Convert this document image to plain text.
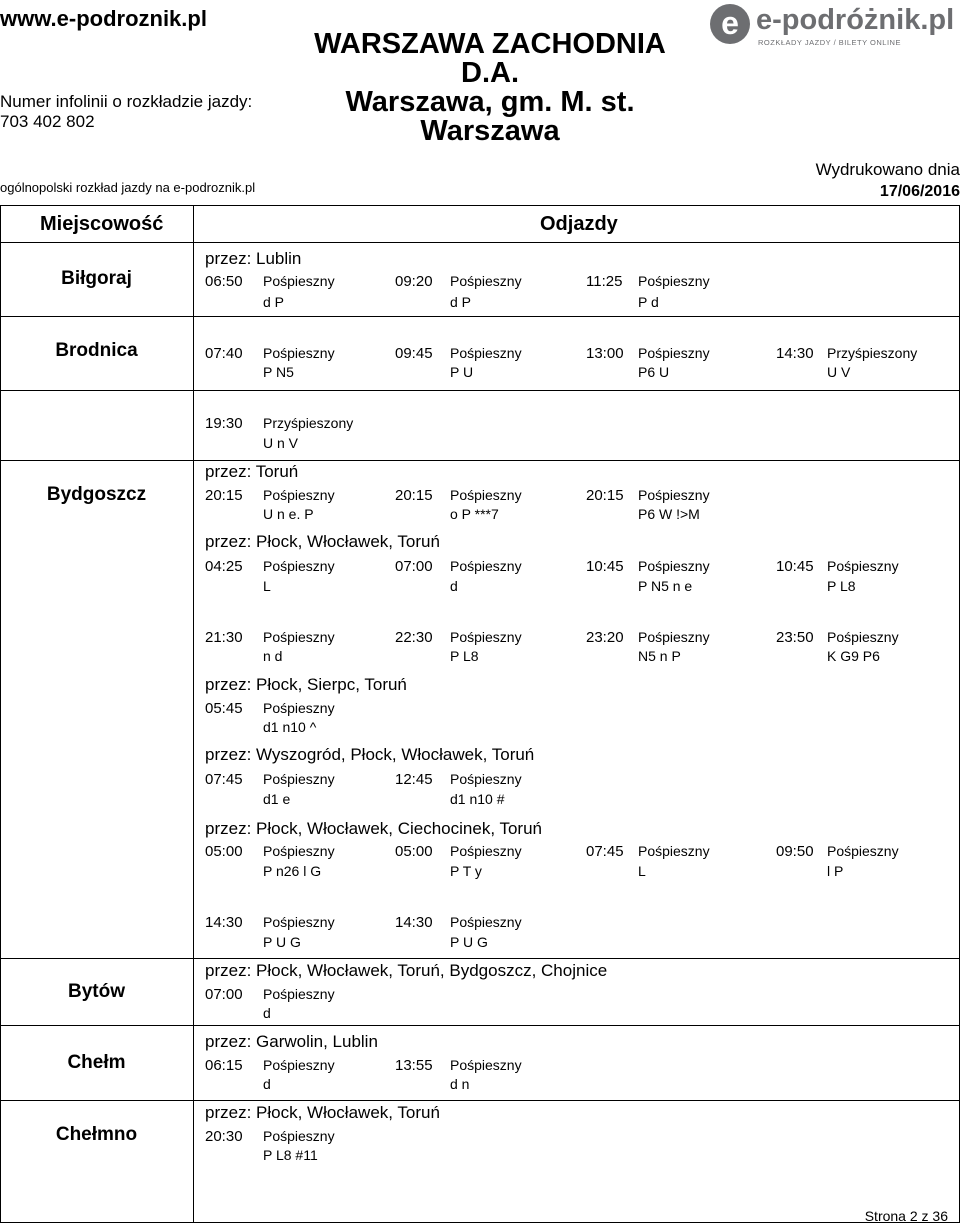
www.e-podroznik.pl
Numer infolinii o rozkładzie jazdy:
703 402 802
ogólnopolski rozkład jazdy na e-podroznik.pl
WARSZAWA ZACHODNIA
D.A.
Warszawa, gm. M. st.
Warszawa
e e-podróżnik.pl
ROZKŁADY JAZDY / BILETY ONLINE
Wydrukowano dnia
17/06/2016
Miejscowość	Odjazdy
Biłgoraj
Brodnica
Bydgoszcz
Bytów
Chełm
Chełmno
przez: Lublin
przez: Toruń
przez: Płock, Włocławek, Toruń
przez: Płock, Sierpc, Toruń
przez: Wyszogród, Płock, Włocławek, Toruń
przez: Płock, Włocławek, Ciechocinek, Toruń
przez: Płock, Włocławek, Toruń, Bydgoszcz, Chojnice
przez: Garwolin, Lublin
przez: Płock, Włocławek, Toruń
06:50 Pośpieszny
d P
09:20 Pośpieszny
d P
11:25 Pośpieszny
P d
07:40 Pośpieszny
P N5
09:45 Pośpieszny
P U
13:00 Pośpieszny
P6 U
14:30 Przyśpieszony
U V
19:30 Przyśpieszony
U n V
20:15 Pośpieszny
U n e. P
20:15 Pośpieszny
o P ***7
20:15 Pośpieszny
P6 W !>M
04:25 Pośpieszny
L
07:00 Pośpieszny
d
10:45 Pośpieszny
P N5 n e
10:45 Pośpieszny
P L8
21:30 Pośpieszny
n d
22:30 Pośpieszny
P L8
23:20 Pośpieszny
N5 n P
23:50 Pośpieszny
K G9 P6
05:45 Pośpieszny
d1 n10 ^
07:45 Pośpieszny
d1 e
12:45 Pośpieszny
d1 n10 #
05:00 Pośpieszny
P n26 l G
05:00 Pośpieszny
P T y
07:45 Pośpieszny
L
09:50 Pośpieszny
l P
14:30 Pośpieszny
P U G
14:30 Pośpieszny
P U G
07:00 Pośpieszny
d
06:15 Pośpieszny
d
13:55 Pośpieszny
d n
20:30 Pośpieszny
P L8 #11
Strona 2 z 36
